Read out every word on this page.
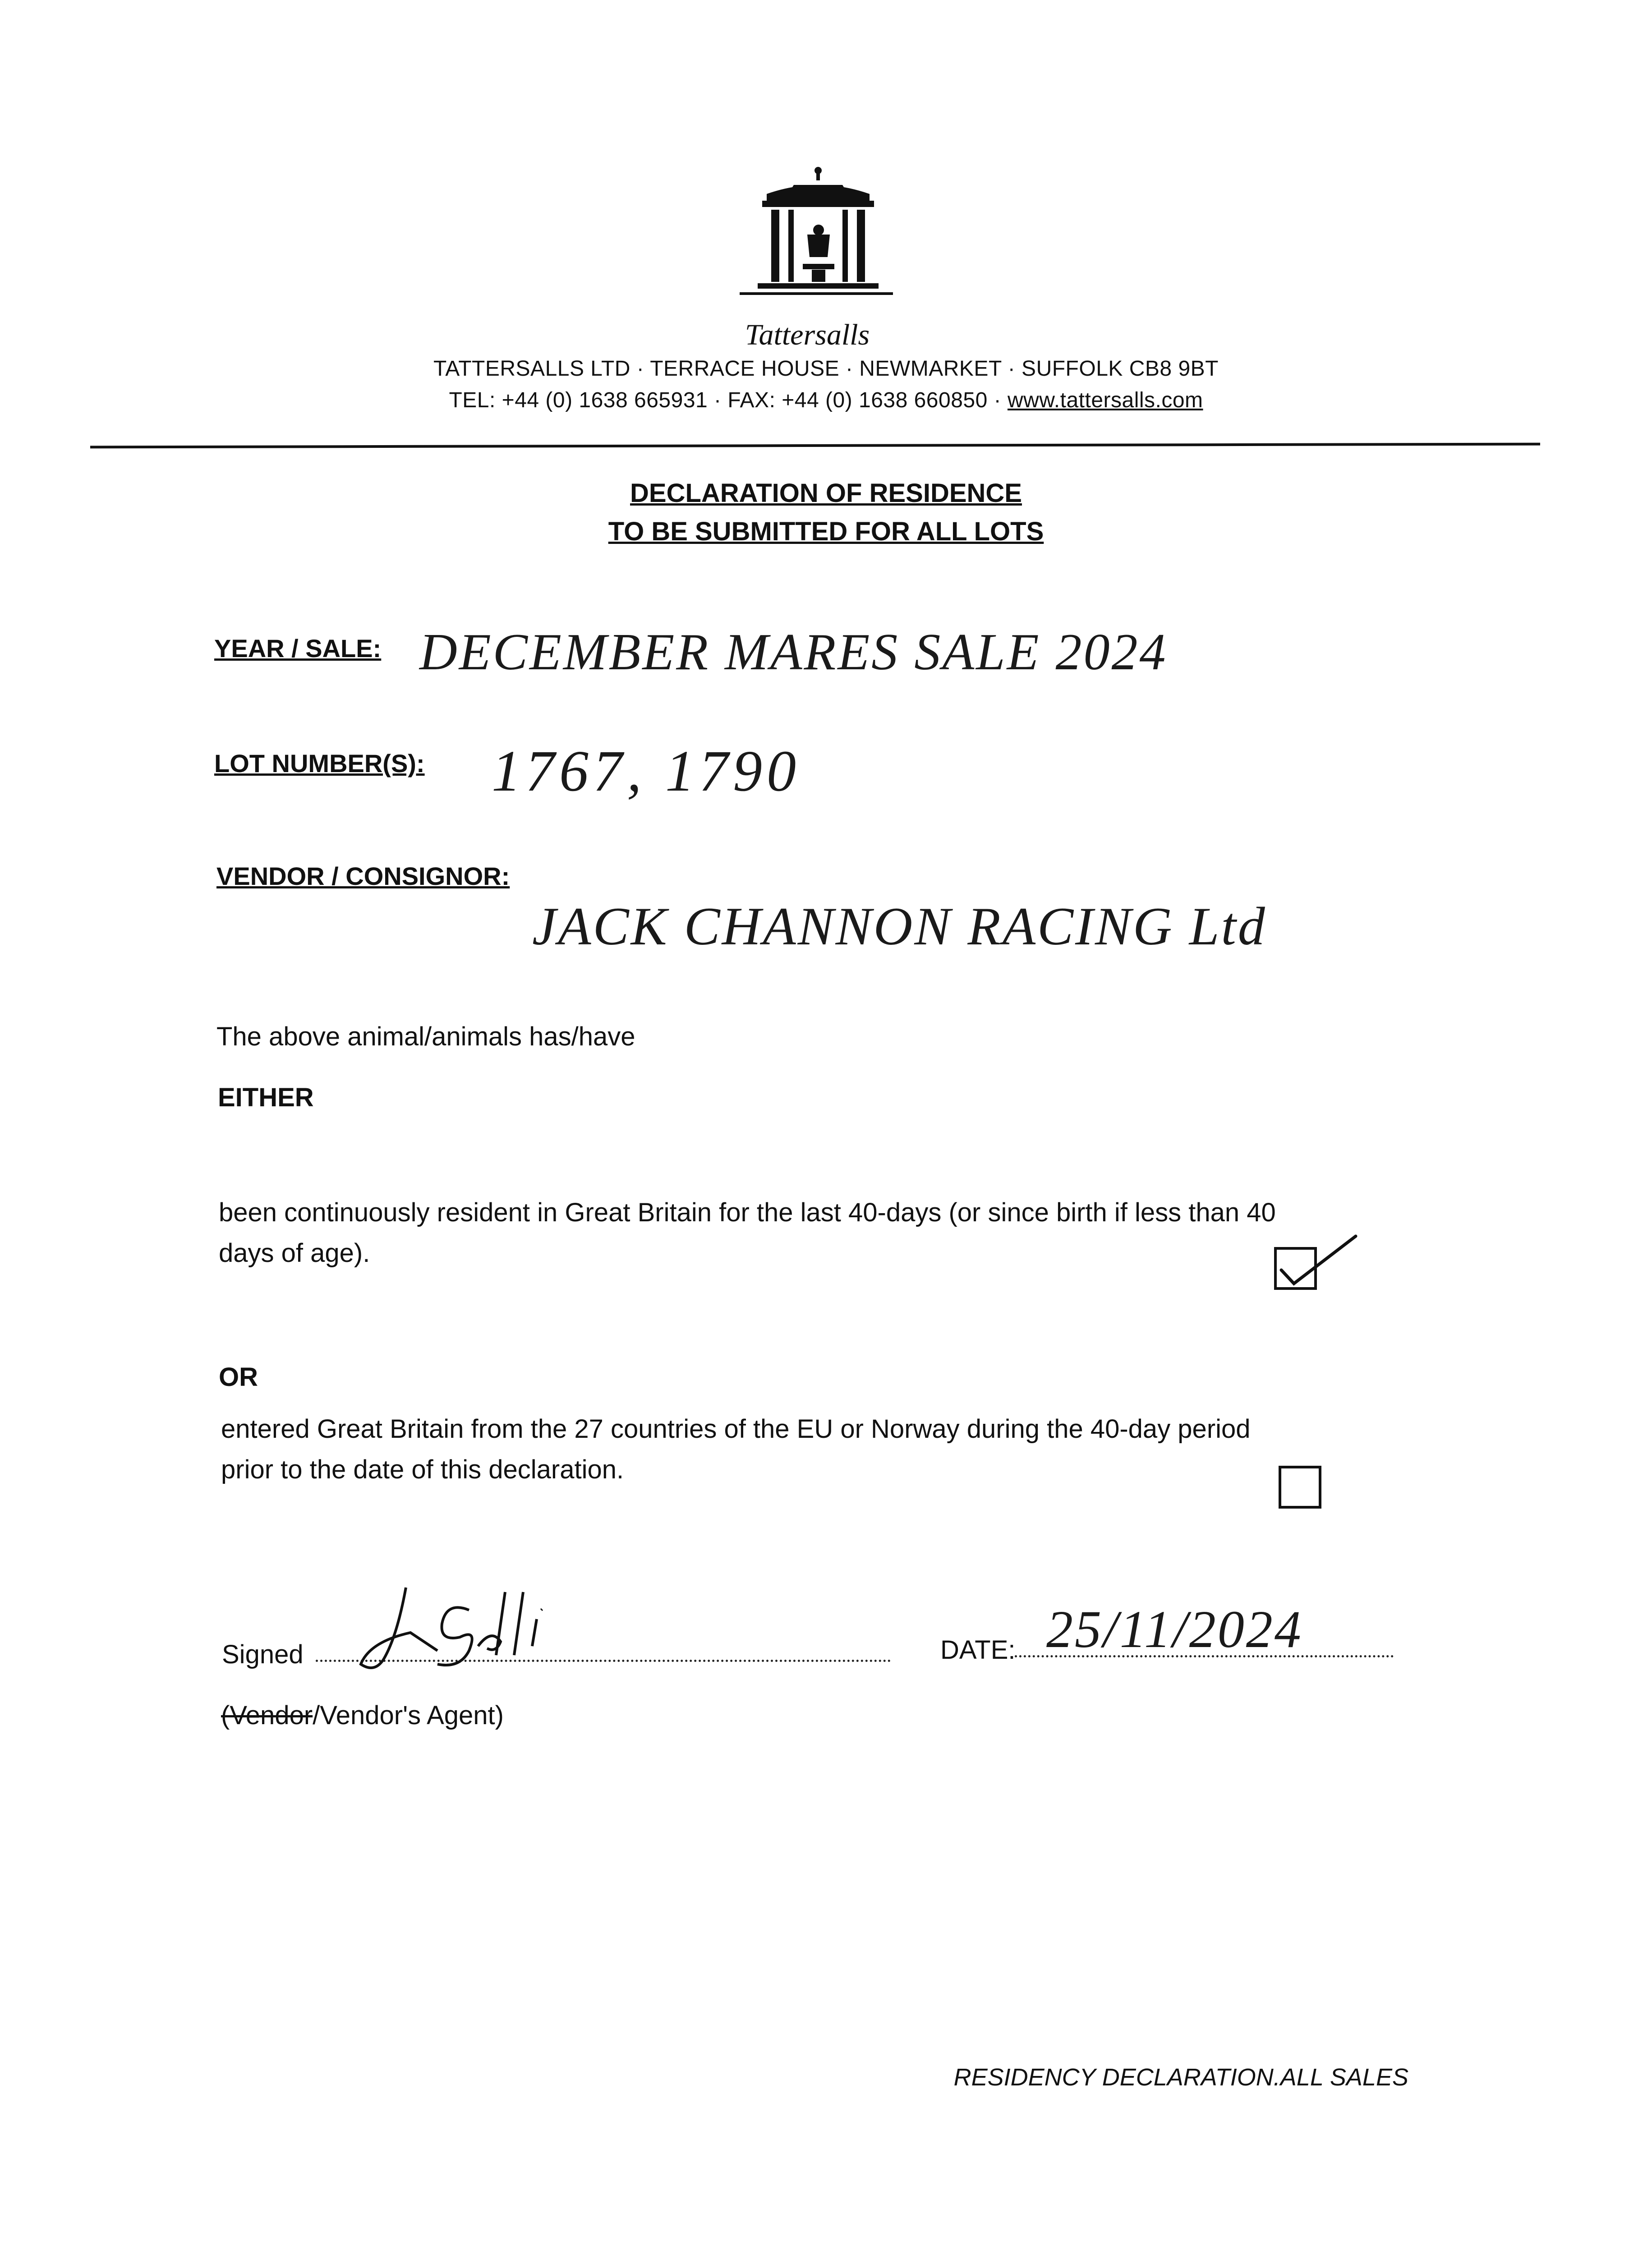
Tattersalls
TATTERSALLS LTD · TERRACE HOUSE · NEWMARKET · SUFFOLK CB8 9BT
TEL: +44 (0) 1638 665931 · FAX: +44 (0) 1638 660850 · www.tattersalls.com
DECLARATION OF RESIDENCE
TO BE SUBMITTED FOR ALL LOTS
YEAR / SALE: DECEMBER MARES SALE 2024
LOT NUMBER(S): 1767, 1790
VENDOR / CONSIGNOR:
JACK CHANNON RACING Ltd
The above animal/animals has/have
EITHER
been continuously resident in Great Britain for the last 40-days (or since birth if less than 40
days of age).
OR
entered Great Britain from the 27 countries of the EU or Norway during the 40-day period
prior to the date of this declaration.
Signed	DATE: 25/11/2024
(Vendor/Vendor's Agent)
RESIDENCY DECLARATION.ALL SALES
